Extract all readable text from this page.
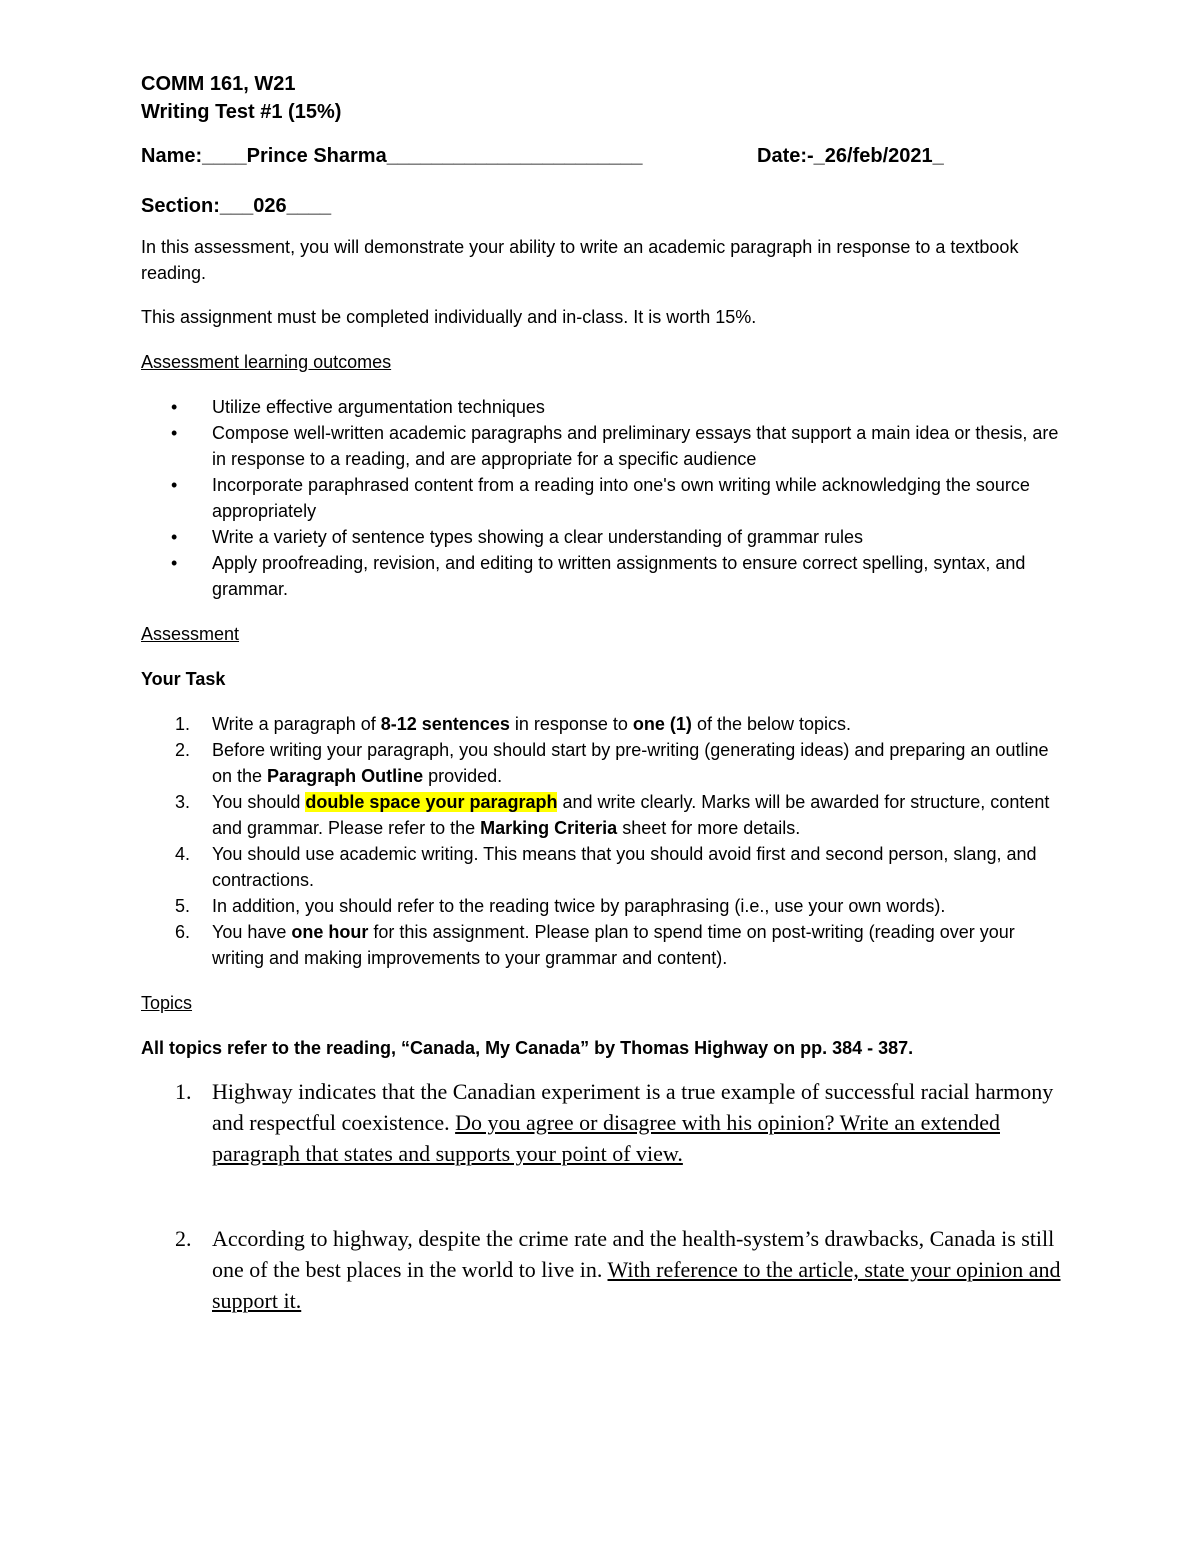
COMM 161, W21

Writing Test #1 (15%)

Name:____Prince Sharma_______________________	Date:-_26/feb/2021_

Section:___026____

In this assessment, you will demonstrate your ability to write an academic paragraph in response to a textbook reading.

This assignment must be completed individually and in-class. It is worth 15%.

Assessment learning outcomes

• Utilize effective argumentation techniques
• Compose well-written academic paragraphs and preliminary essays that support a main idea or thesis, are in response to a reading, and are appropriate for a specific audience
• Incorporate paraphrased content from a reading into one's own writing while acknowledging the source appropriately
• Write a variety of sentence types showing a clear understanding of grammar rules
• Apply proofreading, revision, and editing to written assignments to ensure correct spelling, syntax, and grammar.

Assessment

Your Task

1. Write a paragraph of 8-12 sentences in response to one (1) of the below topics.
2. Before writing your paragraph, you should start by pre-writing (generating ideas) and preparing an outline on the Paragraph Outline provided.
3. You should double space your paragraph and write clearly. Marks will be awarded for structure, content and grammar. Please refer to the Marking Criteria sheet for more details.
4. You should use academic writing. This means that you should avoid first and second person, slang, and contractions.
5. In addition, you should refer to the reading twice by paraphrasing (i.e., use your own words).
6. You have one hour for this assignment. Please plan to spend time on post-writing (reading over your writing and making improvements to your grammar and content).

Topics

All topics refer to the reading, “Canada, My Canada” by Thomas Highway on pp. 384 - 387.

1. Highway indicates that the Canadian experiment is a true example of successful racial harmony and respectful coexistence. Do you agree or disagree with his opinion? Write an extended paragraph that states and supports your point of view.
2. According to highway, despite the crime rate and the health-system’s drawbacks, Canada is still one of the best places in the world to live in. With reference to the article, state your opinion and support it.
